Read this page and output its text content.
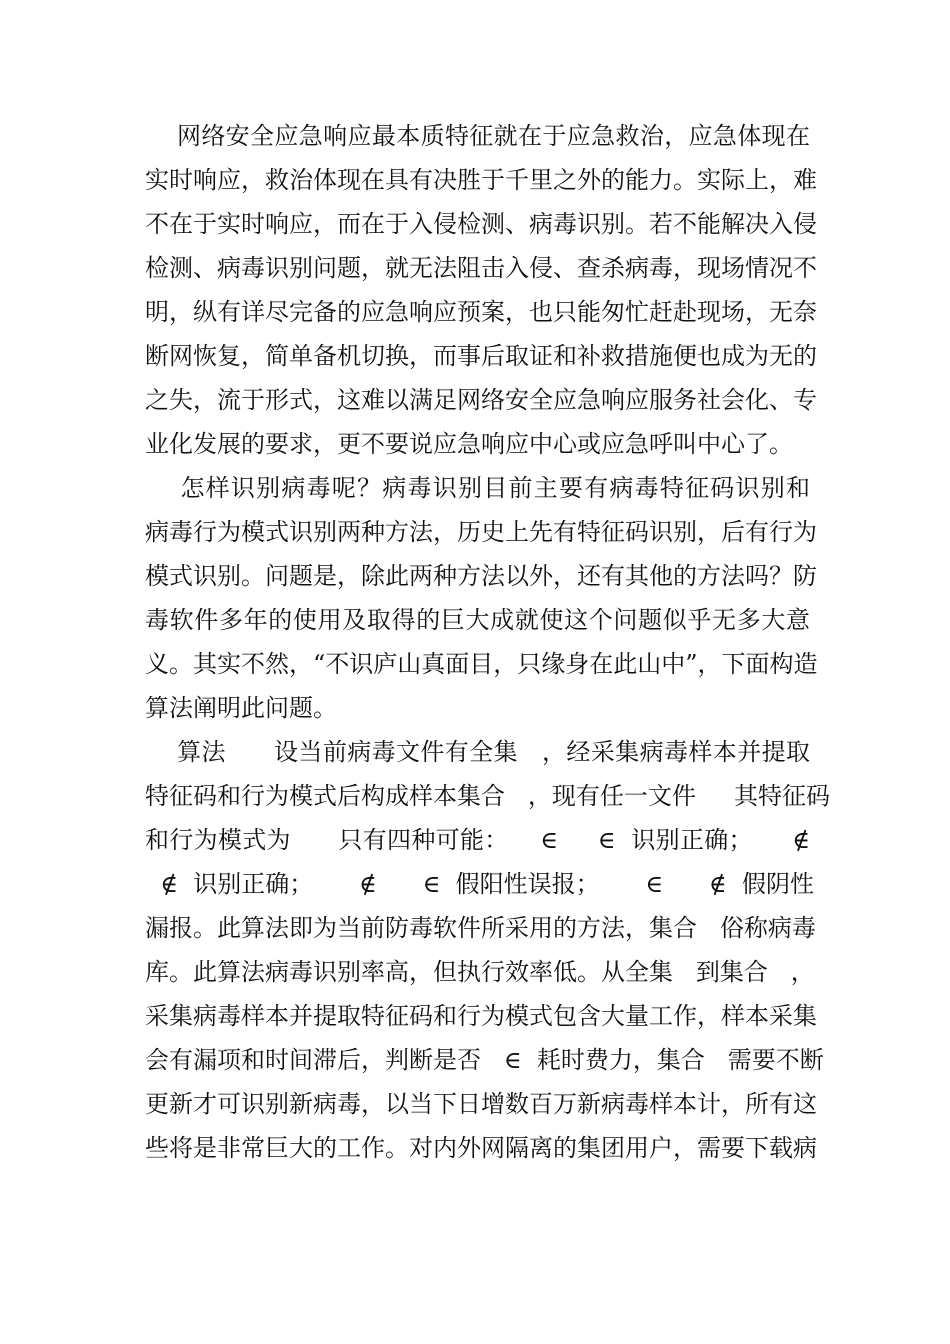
网络安全应急响应最本质特征就在于应急救治，应急体现在
实时响应，救治体现在具有决胜于千里之外的能力。实际上，难
不在于实时响应，而在于入侵检测、病毒识别。若不能解决入侵
检测、病毒识别问题，就无法阻击入侵、查杀病毒，现场情况不
明，纵有详尽完备的应急响应预案，也只能匆忙赶赴现场，无奈
断网恢复，简单备机切换，而事后取证和补救措施便也成为无的
之失，流于形式，这难以满足网络安全应急响应服务社会化、专
业化发展的要求，更不要说应急响应中心或应急呼叫中心了。
怎样识别病毒呢？病毒识别目前主要有病毒特征码识别和
病毒行为模式识别两种方法，历史上先有特征码识别，后有行为
模式识别。问题是，除此两种方法以外，还有其他的方法吗？防
毒软件多年的使用及取得的巨大成就使这个问题似乎无多大意
义。其实不然，“不识庐山真面目，只缘身在此山中”，下面构造
算法阐明此问题。
算法      设当前病毒文件有全集   ，经采集病毒样本并提取
特征码和行为模式后构成样本集合   ，现有任一文件     其特征码
和行为模式为      只有四种可能：    ∈     ∈  识别正确；     ∉
∉  识别正确；      ∉      ∈  假阳性误报；      ∈      ∉  假阴性
漏报。此算法即为当前防毒软件所采用的方法，集合   俗称病毒
库。此算法病毒识别率高，但执行效率低。从全集   到集合   ，
采集病毒样本并提取特征码和行为模式包含大量工作，样本采集
会有漏项和时间滞后，判断是否   ∈  耗时费力，集合   需要不断
更新才可识别新病毒，以当下日增数百万新病毒样本计，所有这
些将是非常巨大的工作。对内外网隔离的集团用户，需要下载病
